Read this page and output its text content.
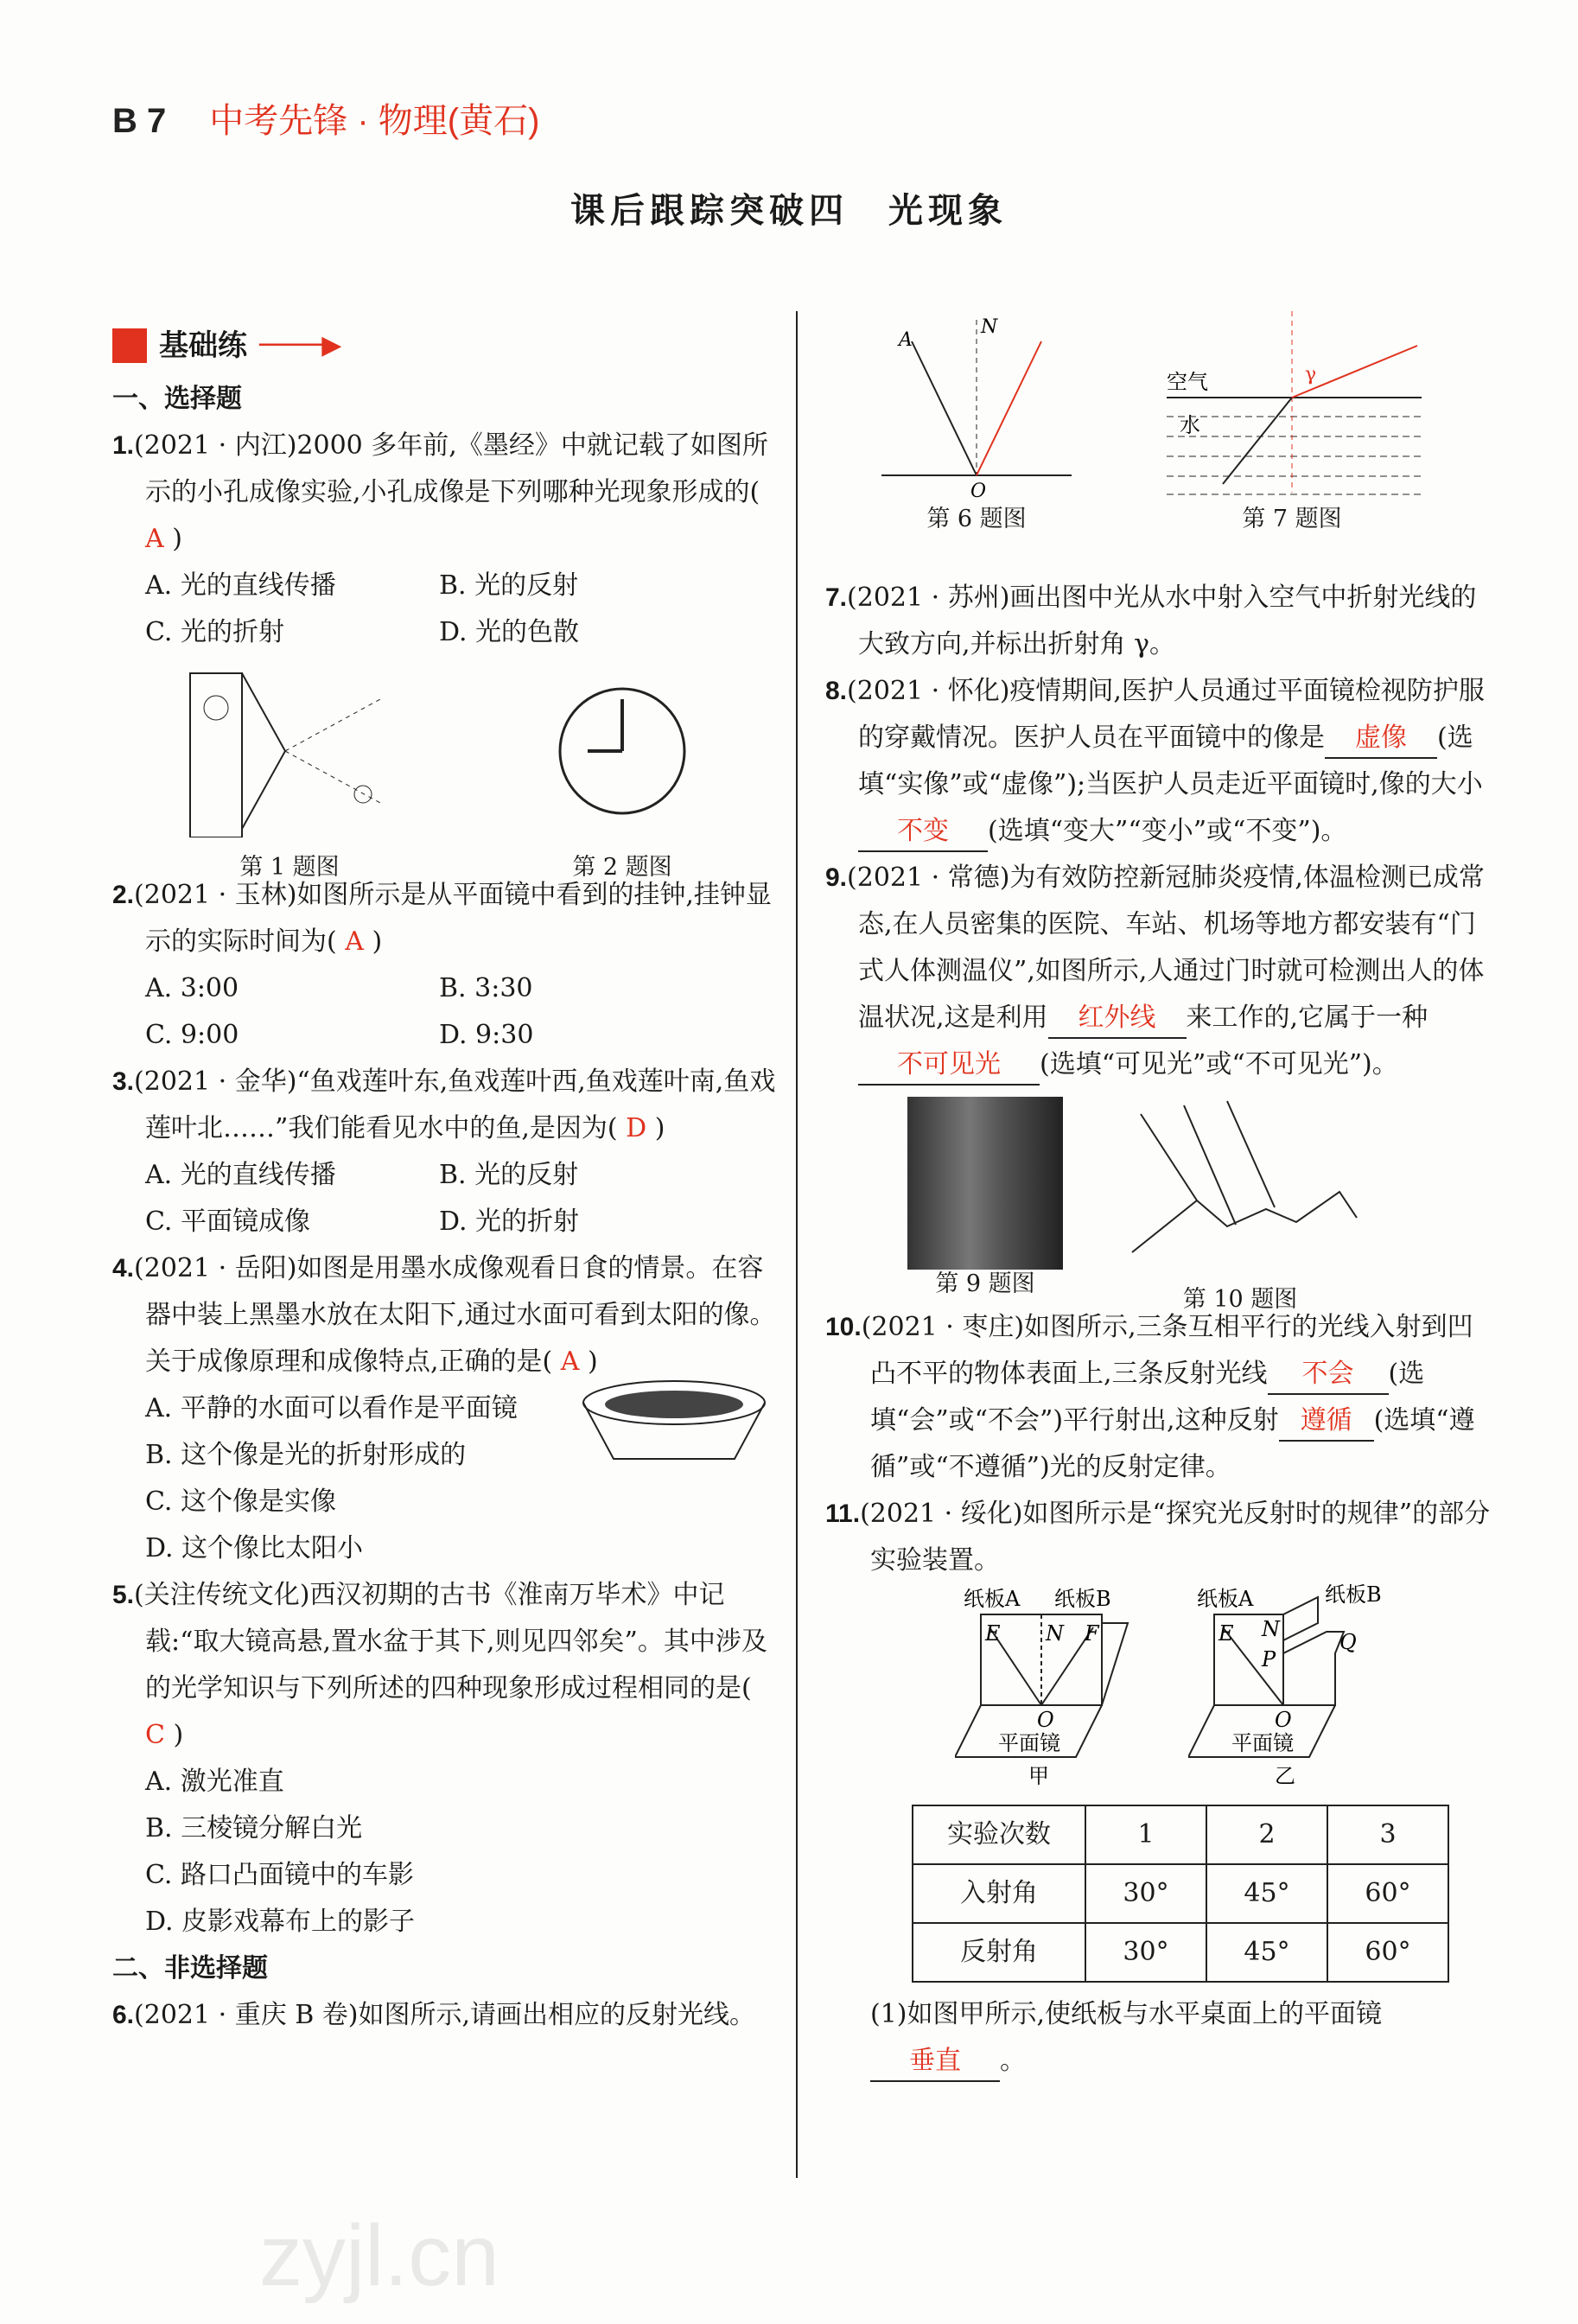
B 7 中考先锋 · 物理(黄石)
课后跟踪突破四　光现象
基础练 ────▶
一、选择题
1.(2021 · 内江)2000 多年前,《墨经》中就记载了如图所示的小孔成像实验,小孔成像是下列哪种光现象形成的( A )
A. 光的直线传播	B. 光的反射
C. 光的折射	D. 光的色散
第 1 题图	第 2 题图
2.(2021 · 玉林)如图所示是从平面镜中看到的挂钟,挂钟显示的实际时间为( A )
A. 3:00	B. 3:30
C. 9:00	D. 9:30
3.(2021 · 金华)“鱼戏莲叶东,鱼戏莲叶西,鱼戏莲叶南,鱼戏莲叶北……”我们能看见水中的鱼,是因为( D )
A. 光的直线传播	B. 光的反射
C. 平面镜成像	D. 光的折射
4.(2021 · 岳阳)如图是用墨水成像观看日食的情景。在容器中装上黑墨水放在太阳下,通过水面可看到太阳的像。关于成像原理和成像特点,正确的是( A )
A. 平静的水面可以看作是平面镜
B. 这个像是光的折射形成的
C. 这个像是实像
D. 这个像比太阳小
5.(关注传统文化)西汉初期的古书《淮南万毕术》中记载:“取大镜高悬,置水盆于其下,则见四邻矣”。其中涉及的光学知识与下列所述的四种现象形成过程相同的是( C )
A. 激光准直
B. 三棱镜分解白光
C. 路口凸面镜中的车影
D. 皮影戏幕布上的影子
二、非选择题
6.(2021 · 重庆 B 卷)如图所示,请画出相应的反射光线。
A
N
O
第 6 题图
空气
水
γ
第 7 题图
7.(2021 · 苏州)画出图中光从水中射入空气中折射光线的大致方向,并标出折射角 γ。
8.(2021 · 怀化)疫情期间,医护人员通过平面镜检视防护服的穿戴情况。医护人员在平面镜中的像是 虚像 (选填“实像”或“虚像”);当医护人员走近平面镜时,像的大小不变 (选填“变大”“变小”或“不变”)。
9.(2021 · 常德)为有效防控新冠肺炎疫情,体温检测已成常态,在人员密集的医院、车站、机场等地方都安装有“门式人体测温仪”,如图所示,人通过门时就可检测出人的体温状况,这是利用 红外线 来工作的,它属于一种不可见光 (选填“可见光”或“不可见光”)。
第 9 题图
第 10 题图
10.(2021 · 枣庄)如图所示,三条互相平行的光线入射到凹凸不平的物体表面上,三条反射光线 不会 (选填“会”或“不会”)平行射出,这种反射 遵循 (选填“遵循”或“不遵循”)光的反射定律。
11.(2021 · 绥化)如图所示是“探究光反射时的规律”的部分实验装置。
纸板A 纸板B
E N F
O
平面镜
甲
纸板A	纸板B
E N
P
Q
O
平面镜
乙
实验次数	1	2	3
入射角	30°	45°	60°
反射角	30°	45°	60°
(1)如图甲所示,使纸板与水平桌面上的平面镜
垂直 。
zyjl.cn
